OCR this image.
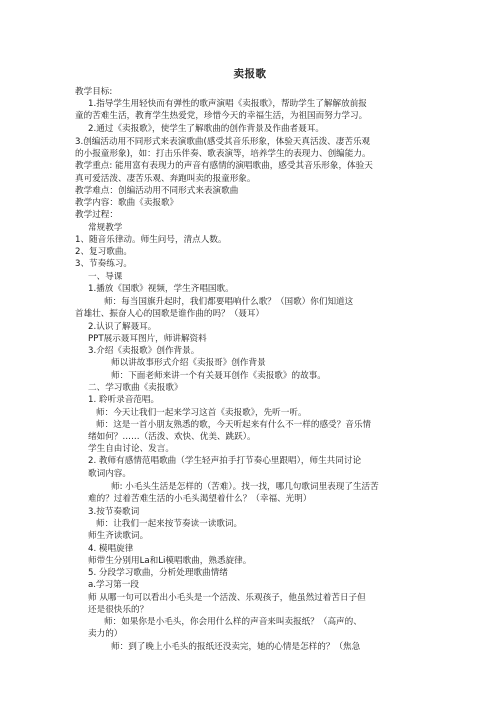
卖报歌
教学目标:
1.指导学生用轻快而有弹性的歌声演唱《卖报歌》，帮助学生了解解放前报
童的苦难生活，教育学生热爱党，珍惜今天的幸福生活，为祖国而努力学习。
2.通过《卖报歌》，使学生了解歌曲的创作背景及作曲者聂耳。
3.创编活动用不同形式来表演歌曲(感受其音乐形象，体验天真活泼、凄苦乐观
的小报童形象)，如：打击乐伴奏、歌表演等，培养学生的表现力、创编能力。
教学重点: 能用富有表现力的声音有感情的演唱歌曲，感受其音乐形象，体验天
真可爱活泼、凄苦乐观、奔跑叫卖的报童形象。
教学难点：创编活动用不同形式来表演歌曲
教学内容：歌曲《卖报歌》
教学过程：
常规教学
1、随音乐律动。师生问号，清点人数。
2、复习歌曲。
3、节奏练习。
一、导课
1.播放《国歌》视频，学生齐唱国歌。
师：每当国旗升起时，我们都要唱响什么歌？（国歌）你们知道这
首雄壮、振奋人心的国歌是谁作曲的吗？（聂耳）
2.认识了解聂耳。
PPT展示聂耳图片，师讲解资料
3.介绍《卖报歌》创作背景。
师以讲故事形式介绍《卖报哥》创作背景
师：下面老师来讲一个有关聂耳创作《卖报歌》的故事。
二、学习歌曲《卖报歌》
1. 聆听录音范唱。
师：今天让我们一起来学习这首《卖报歌》，先听一听。
师：这是一首小朋友熟悉的歌，今天听起来有什么不一样的感受？音乐情
绪如何？……（活泼、欢快、优美、跳跃）。
学生自由讨论、发言。
2. 教师有感情范唱歌曲（学生轻声拍手打节奏心里跟唱），师生共同讨论
歌词内容。
师: 小毛头生活是怎样的（苦难）。找一找，哪几句歌词里表现了生活苦
难的？过着苦难生活的小毛头渴望着什么？（幸福、光明）
3.按节奏歌词
师：让我们一起来按节奏读一读歌词。
师生齐读歌词。
4. 模唱旋律
师带生分别用La和Li模唱歌曲，熟悉旋律。
5. 分段学习歌曲，分析处理歌曲情绪
a.学习第一段
师 从哪一句可以看出小毛头是一个活泼、乐观孩子，他虽然过着苦日子但
还是很快乐的？
师：如果你是小毛头，你会用什么样的声音来叫卖报纸？（高声的、
卖力的）
师：到了晚上小毛头的报纸还没卖完，她的心情是怎样的？（焦急
